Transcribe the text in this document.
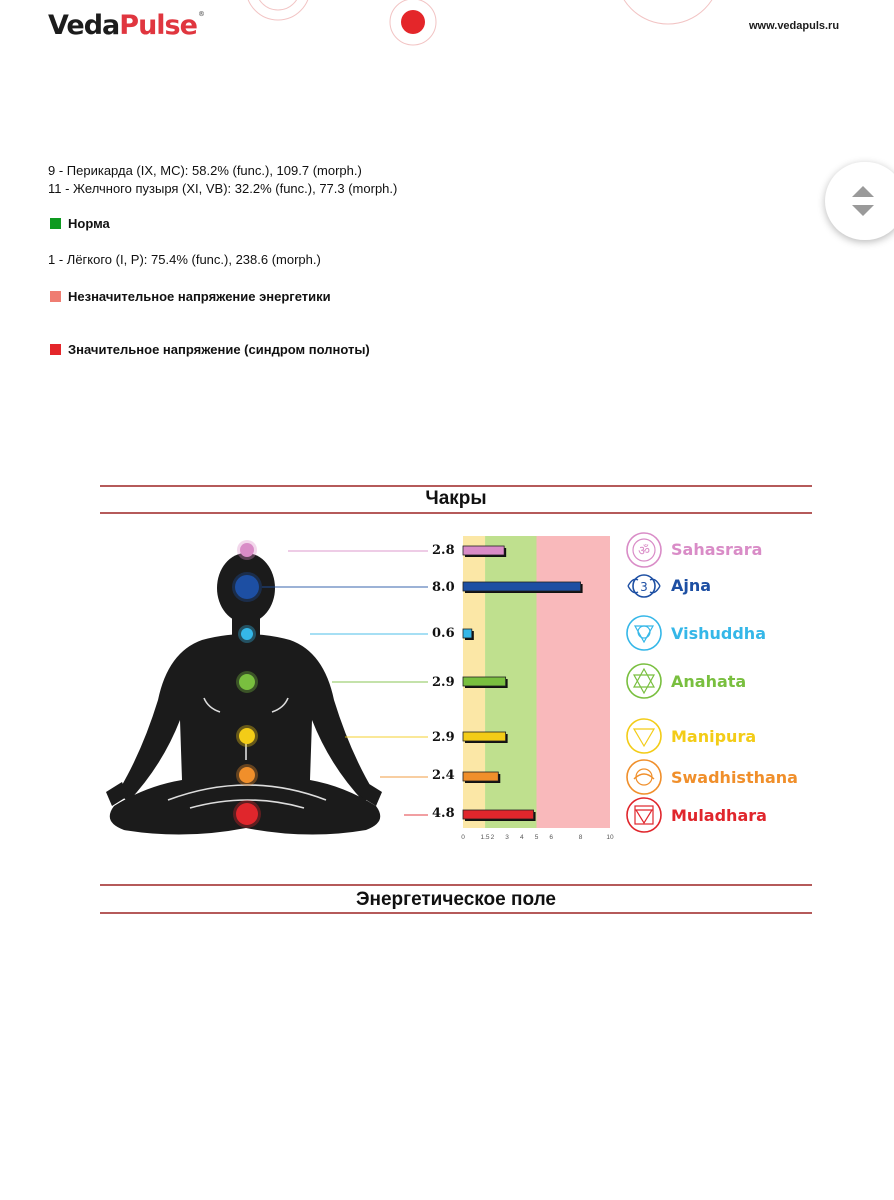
VedaPulse®
www.vedapuls.ru
9 - Перикарда (IX, MC): 58.2% (func.), 109.7 (morph.)
11 - Желчного пузыря (XI, VB): 32.2% (func.), 77.3 (morph.)
Норма
1 - Лёгкого (I, P): 75.4% (func.), 238.6 (morph.)
Незначительное напряжение энергетики
Значительное напряжение (синдром полноты)
Чакры
0 1.5 2 3 4 5 6	8	10
2.8
8.0
0.6
2.9
2.9
2.4
4.8
ॐ Sahasrara
3 Ajna
Vishuddha
Anahata
Manipura
Swadhisthana
Muladhara
Энергетическое поле
